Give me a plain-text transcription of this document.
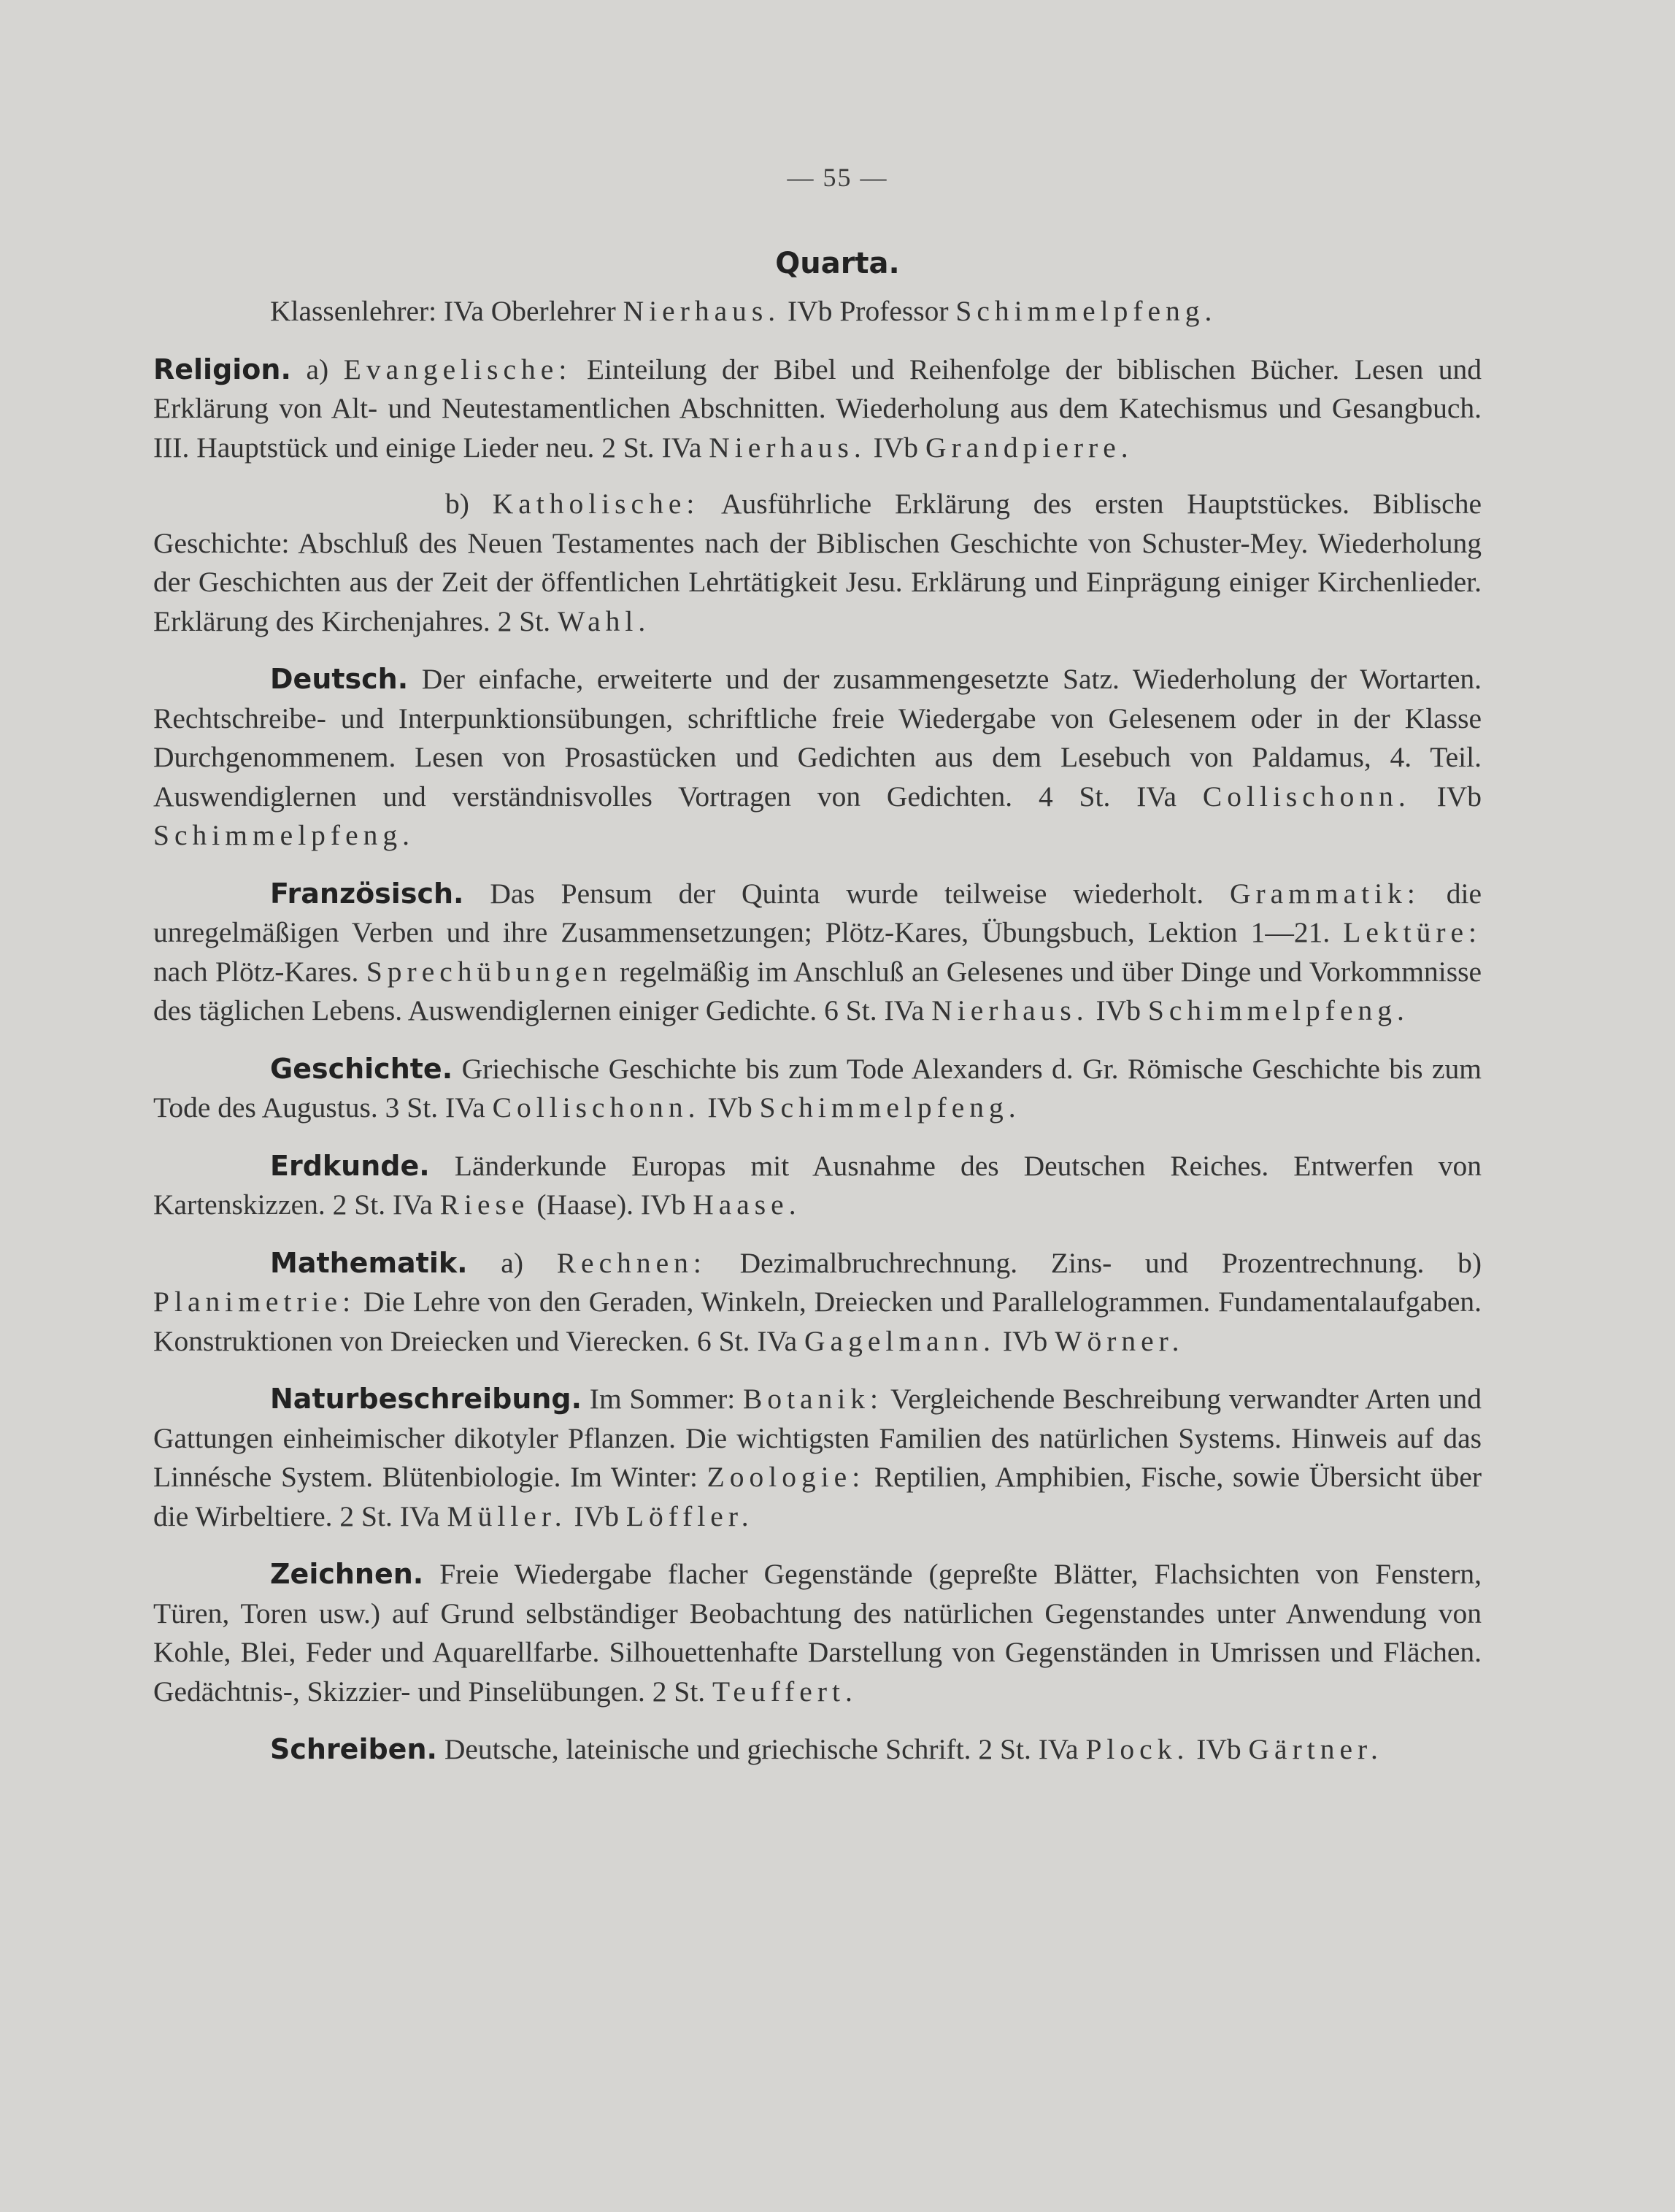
— 55 —
Quarta.

Klassenlehrer: IVa Oberlehrer Nierhaus. IVb Professor Schimmelpfeng.

Religion. a) Evangelische: Einteilung der Bibel und Reihenfolge der biblischen Bücher. Lesen und Erklärung von Alt- und Neutestamentlichen Abschnitten. Wiederholung aus dem Katechismus und Gesangbuch. III. Hauptstück und einige Lieder neu. 2 St. IVa Nierhaus. IVb Grandpierre.

b) Katholische: Ausführliche Erklärung des ersten Hauptstückes. Biblische Geschichte: Abschluß des Neuen Testamentes nach der Biblischen Geschichte von Schuster-Mey. Wiederholung der Geschichten aus der Zeit der öffentlichen Lehrtätigkeit Jesu. Erklärung und Einprägung einiger Kirchenlieder. Erklärung des Kirchenjahres. 2 St. Wahl.

Deutsch. Der einfache, erweiterte und der zusammengesetzte Satz. Wiederholung der Wortarten. Rechtschreibe- und Interpunktionsübungen, schriftliche freie Wiedergabe von Gelesenem oder in der Klasse Durchgenommenem. Lesen von Prosastücken und Gedichten aus dem Lesebuch von Paldamus, 4. Teil. Auswendiglernen und verständnisvolles Vortragen von Gedichten. 4 St. IVa Collischonn. IVb Schimmelpfeng.

Französisch. Das Pensum der Quinta wurde teilweise wiederholt. Grammatik: die unregelmäßigen Verben und ihre Zusammensetzungen; Plötz-Kares, Übungsbuch, Lektion 1—21. Lektüre: nach Plötz-Kares. Sprechübungen regelmäßig im Anschluß an Gelesenes und über Dinge und Vorkommnisse des täglichen Lebens. Auswendiglernen einiger Gedichte. 6 St. IVa Nierhaus. IVb Schimmelpfeng.

Geschichte. Griechische Geschichte bis zum Tode Alexanders d. Gr. Römische Geschichte bis zum Tode des Augustus. 3 St. IVa Collischonn. IVb Schimmelpfeng.

Erdkunde. Länderkunde Europas mit Ausnahme des Deutschen Reiches. Entwerfen von Kartenskizzen. 2 St. IVa Riese (Haase). IVb Haase.

Mathematik. a) Rechnen: Dezimalbruchrechnung. Zins- und Prozentrechnung. b) Planimetrie: Die Lehre von den Geraden, Winkeln, Dreiecken und Parallelogrammen. Fundamentalaufgaben. Konstruktionen von Dreiecken und Vierecken. 6 St. IVa Gagelmann. IVb Wörner.

Naturbeschreibung. Im Sommer: Botanik: Vergleichende Beschreibung verwandter Arten und Gattungen einheimischer dikotyler Pflanzen. Die wichtigsten Familien des natürlichen Systems. Hinweis auf das Linnésche System. Blütenbiologie. Im Winter: Zoologie: Reptilien, Amphibien, Fische, sowie Übersicht über die Wirbeltiere. 2 St. IVa Müller. IVb Löffler.

Zeichnen. Freie Wiedergabe flacher Gegenstände (gepreßte Blätter, Flachsichten von Fenstern, Türen, Toren usw.) auf Grund selbständiger Beobachtung des natürlichen Gegenstandes unter Anwendung von Kohle, Blei, Feder und Aquarellfarbe. Silhouettenhafte Darstellung von Gegenständen in Umrissen und Flächen. Gedächtnis-, Skizzier- und Pinselübungen. 2 St. Teuffert.

Schreiben. Deutsche, lateinische und griechische Schrift. 2 St. IVa Plock. IVb Gärtner.
